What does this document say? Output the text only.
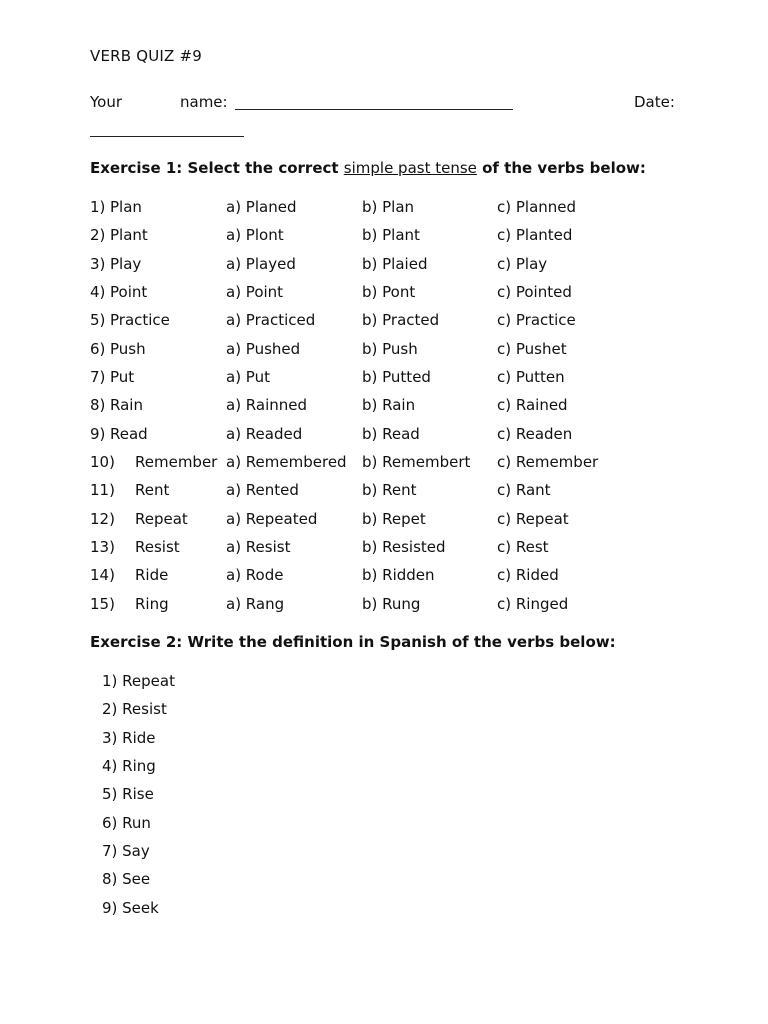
VERB QUIZ #9
Your	name:	Date:
Exercise 1: Select the correct simple past tense of the verbs below:
1) Plan	a) Planed	b) Plan	c) Planned
2) Plant	a) Plont	b) Plant	c) Planted
3) Play	a) Played	b) Plaied	c) Play
4) Point	a) Point	b) Pont	c) Pointed
5) Practice	a) Practiced	b) Practed	c) Practice
6) Push	a) Pushed	b) Push	c) Pushet
7) Put	a) Put	b) Putted	c) Putten
8) Rain	a) Rainned	b) Rain	c) Rained
9) Read	a) Readed	b) Read	c) Readen
10) Remember a) Remembered b) Remembert c) Remember
11) Rent	a) Rented	b) Rent	c) Rant
12) Repeat	a) Repeated	b) Repet	c) Repeat
13) Resist	a) Resist	b) Resisted	c) Rest
14) Ride	a) Rode	b) Ridden	c) Rided
15) Ring	a) Rang	b) Rung	c) Ringed
Exercise 2: Write the definition in Spanish of the verbs below:
1) Repeat
2) Resist
3) Ride
4) Ring
5) Rise
6) Run
7) Say
8) See
9) Seek
